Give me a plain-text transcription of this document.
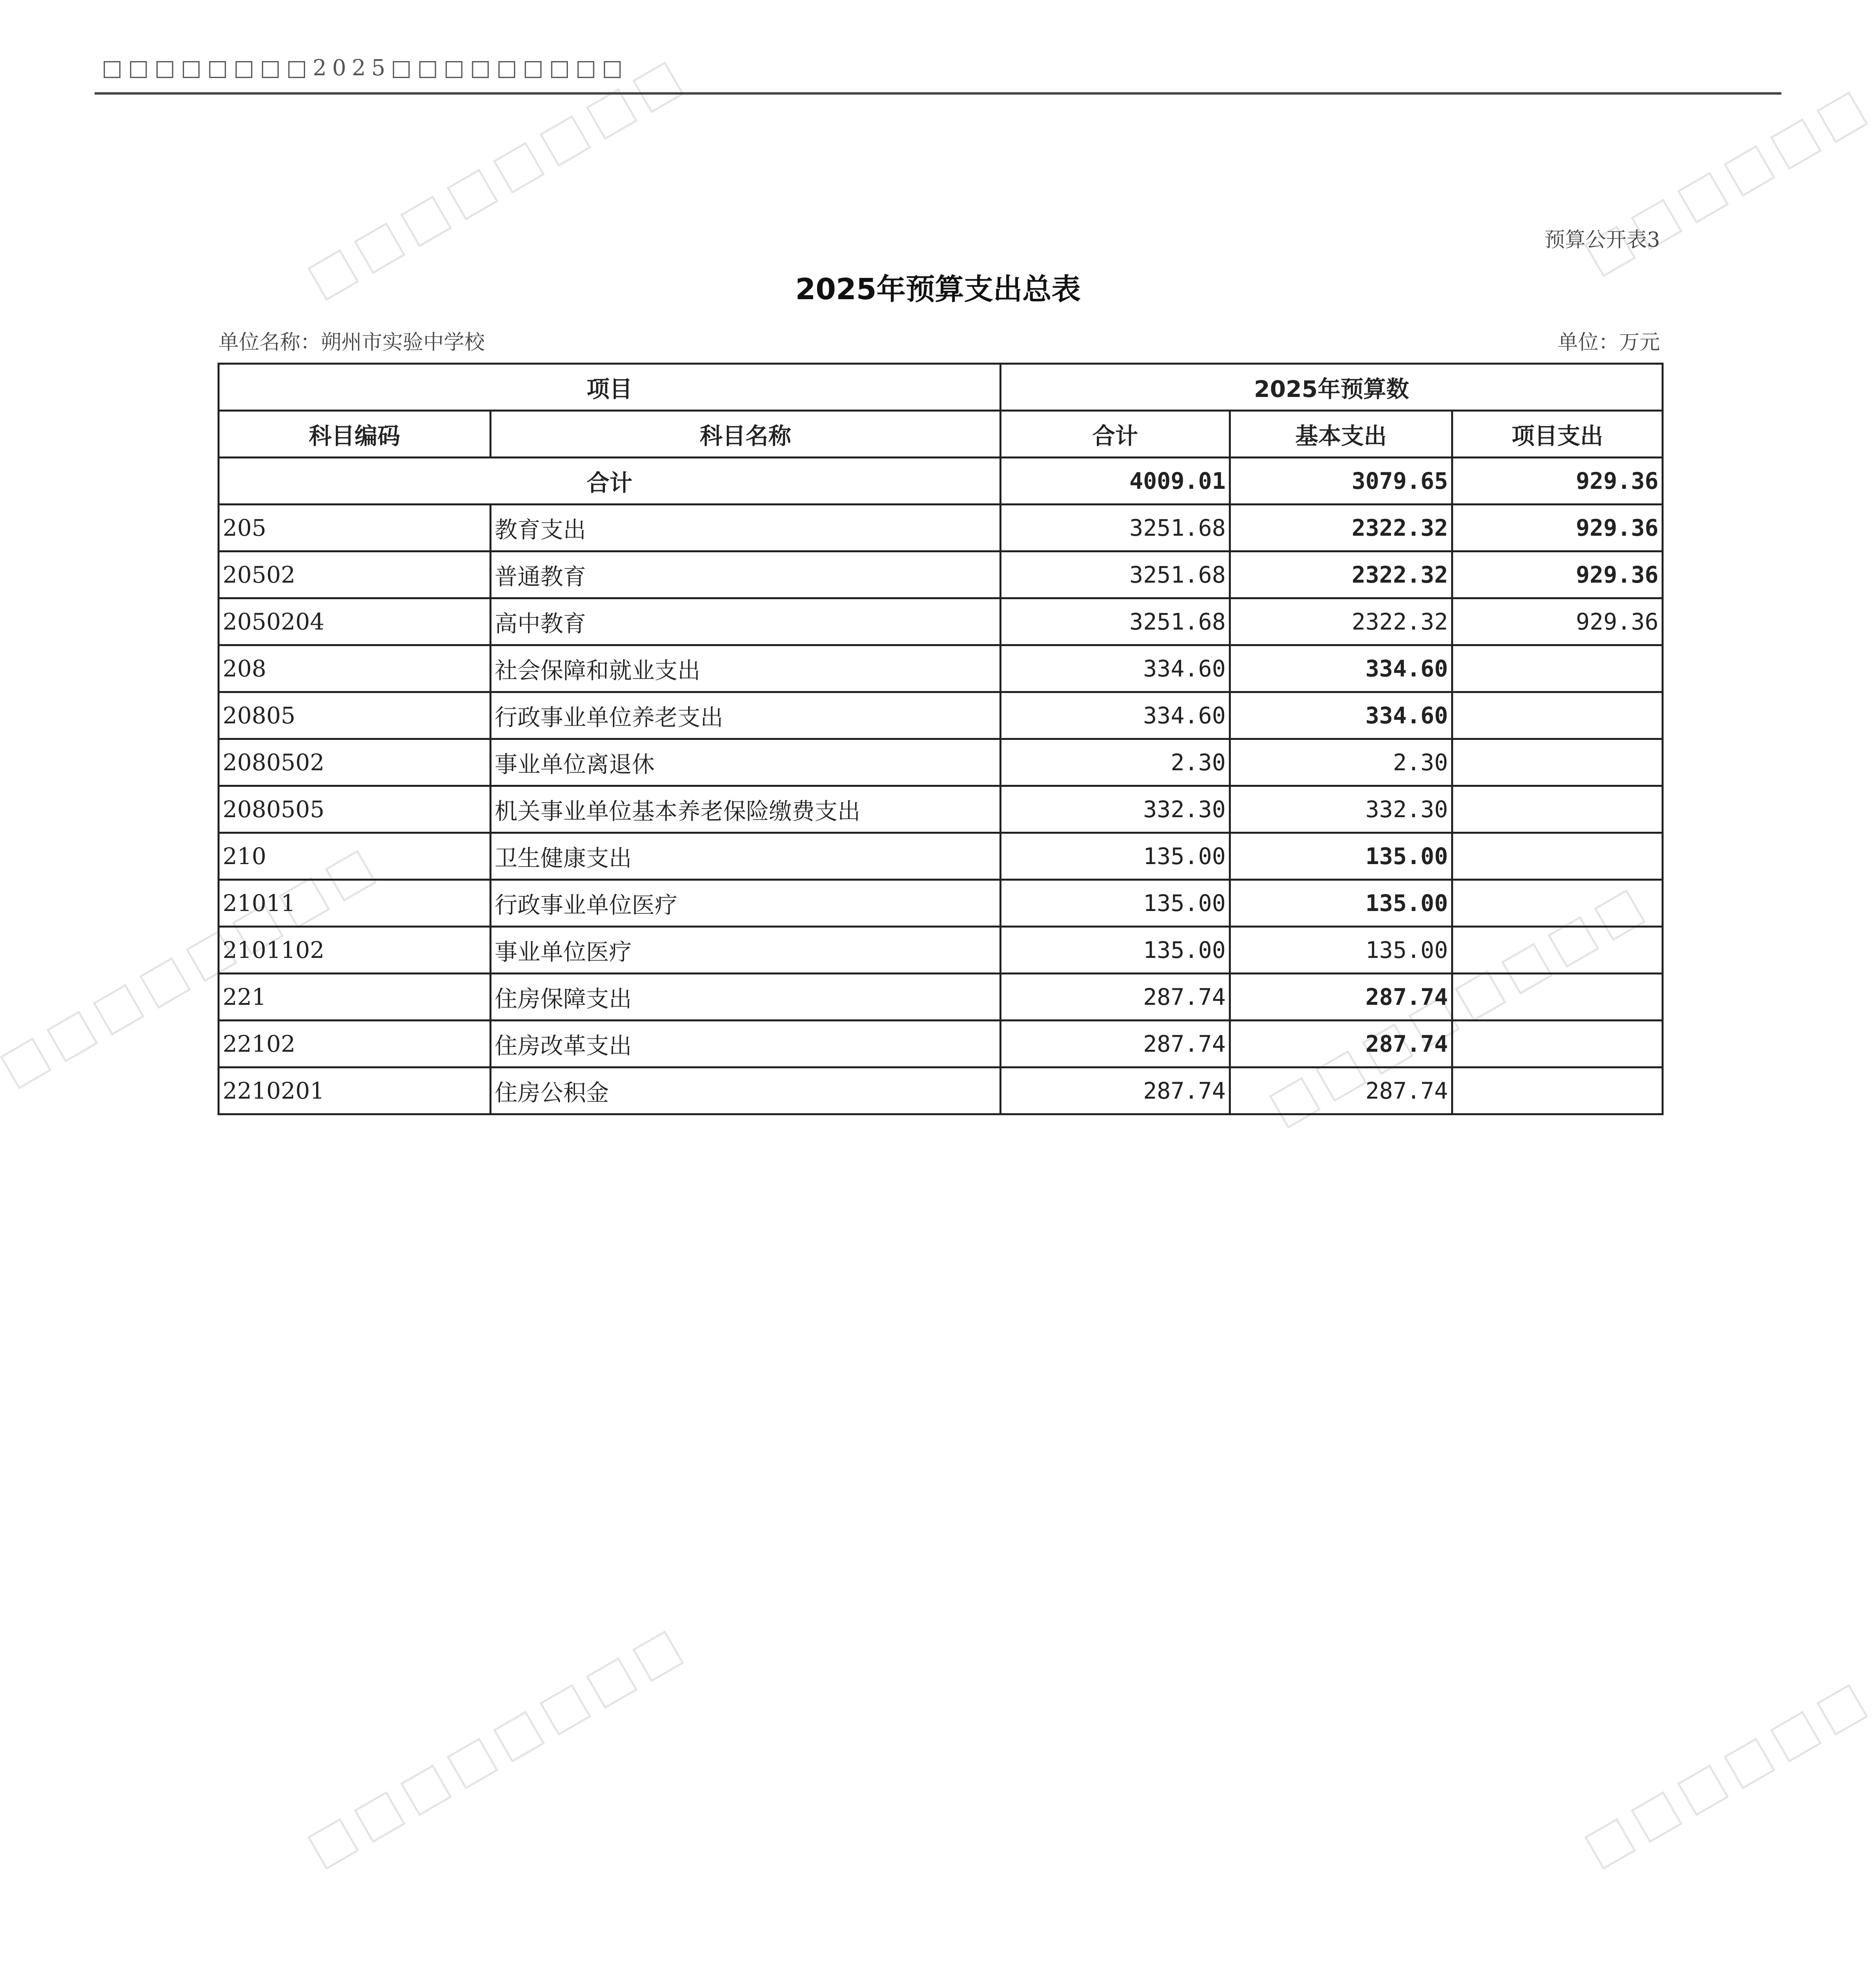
□□□□□□□□2025□□□□□□□□□
预算公开表3
2025年预算支出总表
单位名称：朔州市实验中学校	单位：万元
项目		2025年预算数		
科目编码	科目名称	合计	基本支出	项目支出
合计		4009.01	3079.65	929.36
205	教育支出	3251.68	2322.32	929.36
20502	普通教育	3251.68	2322.32	929.36
2050204	高中教育	3251.68	2322.32	929.36
208	社会保障和就业支出	334.60	334.60	
20805	行政事业单位养老支出	334.60	334.60	
2080502	事业单位离退休	2.30	2.30	
2080505	机关事业单位基本养老保险缴费支出	332.30	332.30	
210	卫生健康支出	135.00	135.00	
21011	行政事业单位医疗	135.00	135.00	
2101102	事业单位医疗	135.00	135.00	
221	住房保障支出	287.74	287.74	
22102	住房改革支出	287.74	287.74	
2210201	住房公积金	287.74	287.74	
